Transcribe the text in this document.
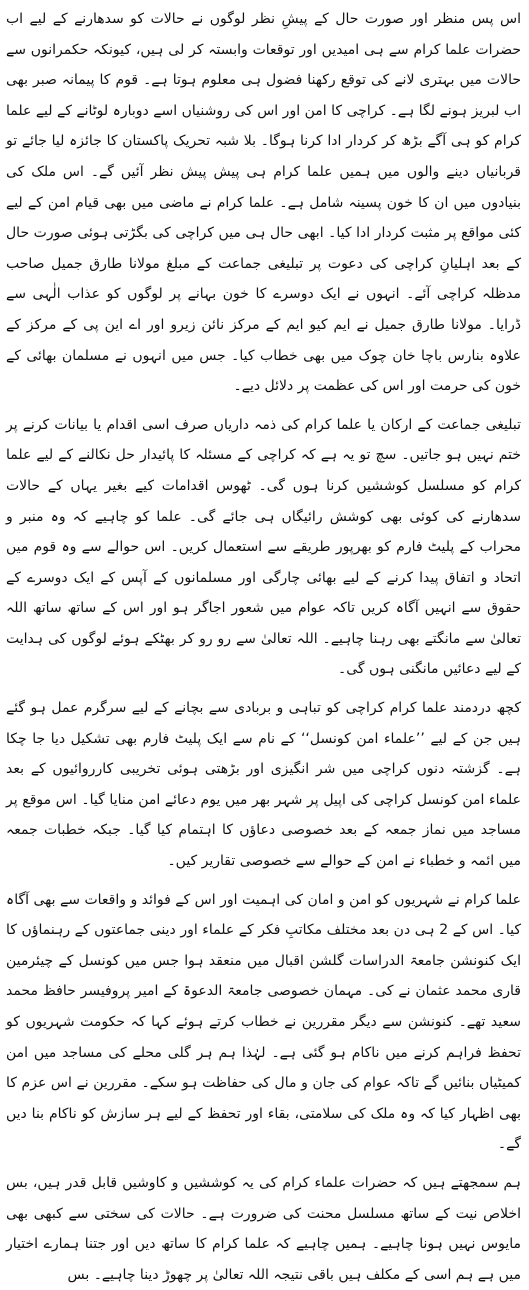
اس پس منظر اور صورت حال کے پیشِ نظر لوگوں نے حالات کو سدھارنے کے لیے اب حضرات علما کرام سے ہی امیدیں اور توقعات وابستہ کر لی ہیں، کیونکہ حکمرانوں سے حالات میں بہتری لانے کی توقع رکھنا فضول ہی معلوم ہوتا ہے۔ قوم کا پیمانہ صبر بھی اب لبریز ہونے لگا ہے۔ کراچی کا امن اور اس کی روشنیاں اسے دوبارہ لوٹانے کے لیے علما کرام کو ہی آگے بڑھ کر کردار ادا کرنا ہوگا۔ بلا شبہ تحریک پاکستان کا جائزہ لیا جائے تو قربانیاں دینے والوں میں ہمیں علما کرام ہی پیش پیش نظر آئیں گے۔ اس ملک کی بنیادوں میں ان کا خون پسینہ شامل ہے۔ علما کرام نے ماضی میں بھی قیام امن کے لیے کئی مواقع پر مثبت کردار ادا کیا۔ ابھی حال ہی میں کراچی کی بگڑتی ہوئی صورت حال کے بعد اہلیانِ کراچی کی دعوت پر تبلیغی جماعت کے مبلغ مولانا طارق جمیل صاحب مدظلہ کراچی آئے۔ انہوں نے ایک دوسرے کا خون بہانے پر لوگوں کو عذاب الٰہی سے ڈرایا۔ مولانا طارق جمیل نے ایم کیو ایم کے مرکز نائن زیرو اور اے این پی کے مرکز کے علاوہ بنارس باچا خان چوک میں بھی خطاب کیا۔ جس میں انہوں نے مسلمان بھائی کے خون کی حرمت اور اس کی عظمت پر دلائل دیے۔

تبلیغی جماعت کے ارکان یا علما کرام کی ذمہ داریاں صرف اسی اقدام یا بیانات کرنے پر ختم نہیں ہو جاتیں۔ سچ تو یہ ہے کہ کراچی کے مسئلہ کا پائیدار حل نکالنے کے لیے علما کرام کو مسلسل کوششیں کرنا ہوں گی۔ ٹھوس اقدامات کیے بغیر یہاں کے حالات سدھارنے کی کوئی بھی کوشش رائیگاں ہی جائے گی۔ علما کو چاہیے کہ وہ منبر و محراب کے پلیٹ فارم کو بھرپور طریقے سے استعمال کریں۔ اس حوالے سے وہ قوم میں اتحاد و اتفاق پیدا کرنے کے لیے بھائی چارگی اور مسلمانوں کے آپس کے ایک دوسرے کے حقوق سے انہیں آگاہ کریں تاکہ عوام میں شعور اجاگر ہو اور اس کے ساتھ ساتھ اللہ تعالیٰ سے مانگتے بھی رہنا چاہیے۔ اللہ تعالیٰ سے رو رو کر بھٹکے ہوئے لوگوں کی ہدایت کے لیے دعائیں مانگنی ہوں گی۔

کچھ دردمند علما کرام کراچی کو تباہی و بربادی سے بچانے کے لیے سرگرم عمل ہو گئے ہیں جن کے لیے ’’علماء امن کونسل‘‘ کے نام سے ایک پلیٹ فارم بھی تشکیل دیا جا چکا ہے۔ گزشتہ دنوں کراچی میں شر انگیزی اور بڑھتی ہوئی تخریبی کارروائیوں کے بعد علماء امن کونسل کراچی کی اپیل پر شہر بھر میں یوم دعائے امن منایا گیا۔ اس موقع پر مساجد میں نماز جمعہ کے بعد خصوصی دعاؤں کا اہتمام کیا گیا۔ جبکہ خطبات جمعہ میں ائمہ و خطباء نے امن کے حوالے سے خصوصی تقاریر کیں۔

علما کرام نے شہریوں کو امن و امان کی اہمیت اور اس کے فوائد و واقعات سے بھی آگاہ کیا۔ اس کے 2 ہی دن بعد مختلف مکاتبِ فکر کے علماء اور دینی جماعتوں کے رہنماؤں کا ایک کنونشن جامعۃ الدراسات گلشن اقبال میں منعقد ہوا جس میں کونسل کے چیئرمین قاری محمد عثمان نے کی۔ مہمان خصوصی جامعۃ الدعوۃ کے امیر پروفیسر حافظ محمد سعید تھے۔ کنونشن سے دیگر مقررین نے خطاب کرتے ہوئے کہا کہ حکومت شہریوں کو تحفظ فراہم کرنے میں ناکام ہو گئی ہے۔ لہٰذا ہم ہر گلی محلے کی مساجد میں امن کمیٹیاں بنائیں گے تاکہ عوام کی جان و مال کی حفاظت ہو سکے۔ مقررین نے اس عزم کا بھی اظہار کیا کہ وہ ملک کی سلامتی، بقاء اور تحفظ کے لیے ہر سازش کو ناکام بنا دیں گے۔

ہم سمجھتے ہیں کہ حضرات علماء کرام کی یہ کوششیں و کاوشیں قابل قدر ہیں، بس اخلاص نیت کے ساتھ مسلسل محنت کی ضرورت ہے۔ حالات کی سختی سے کبھی بھی مایوس نہیں ہونا چاہیے۔ ہمیں چاہیے کہ علما کرام کا ساتھ دیں اور جتنا ہمارے اختیار میں ہے ہم اسی کے مکلف ہیں باقی نتیجہ اللہ تعالیٰ پر چھوڑ دینا چاہیے۔ بس
